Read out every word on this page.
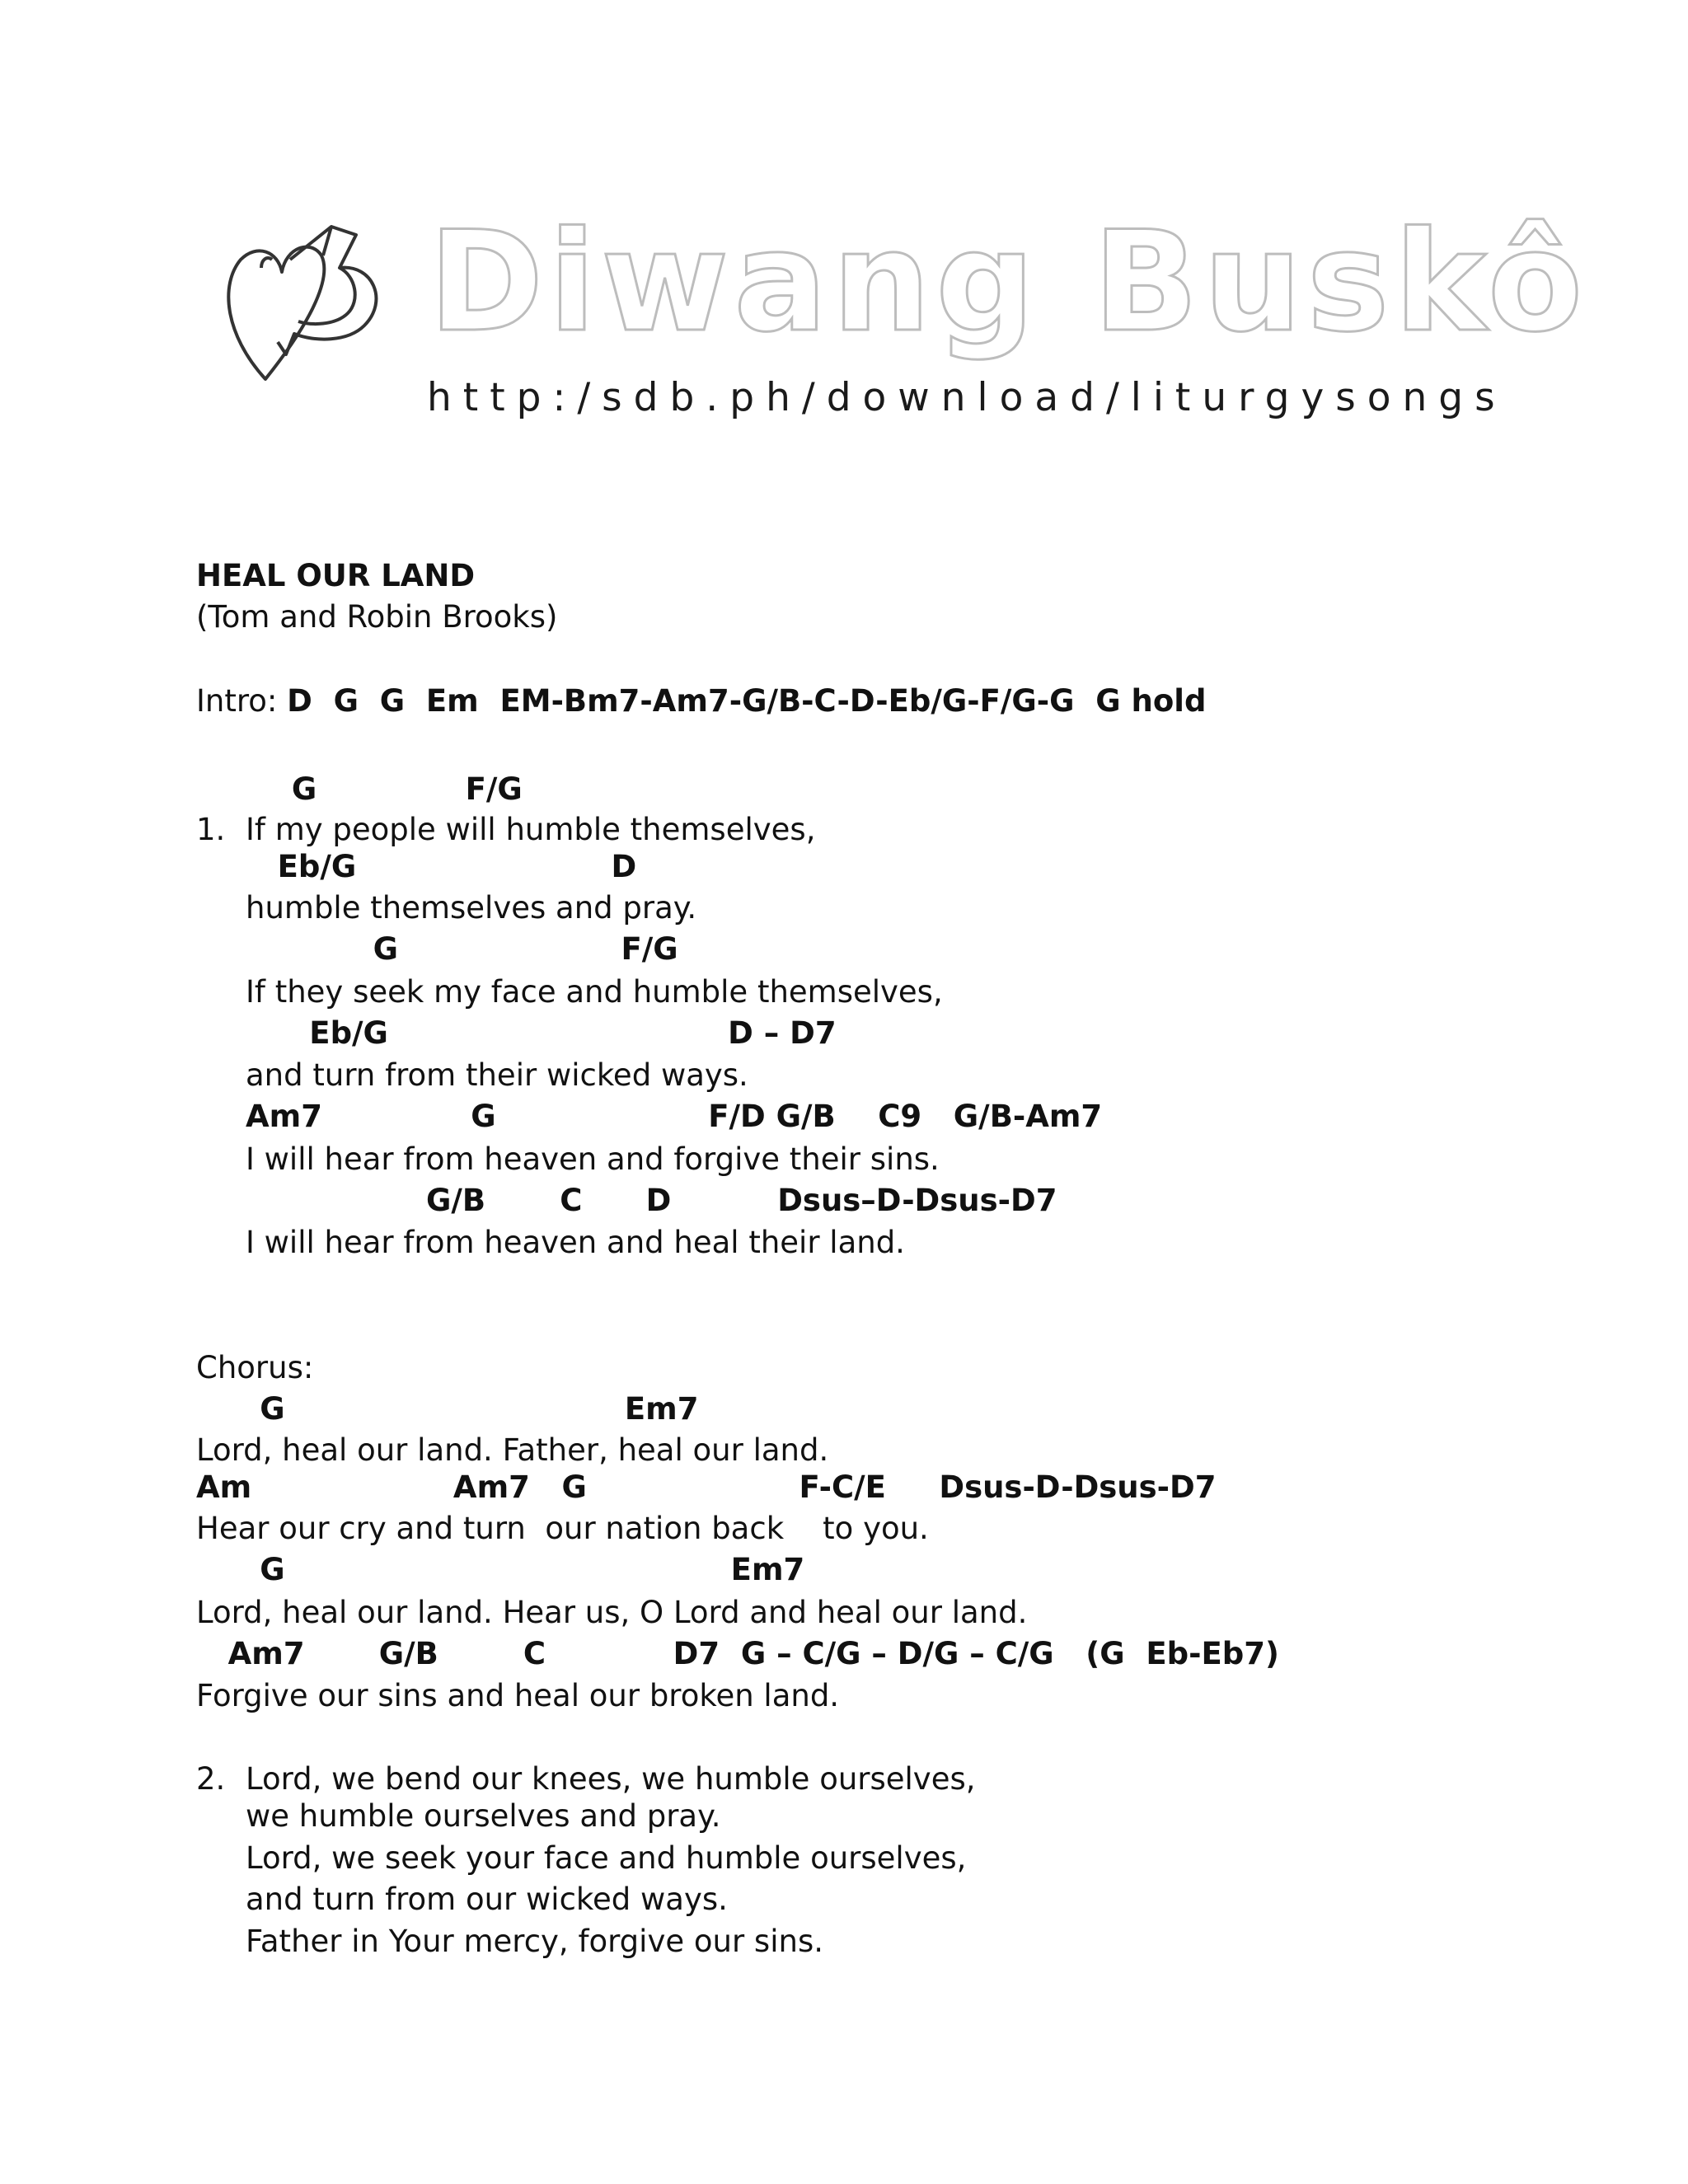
Diwang Buskô
http:/sdb.ph/download/liturgysongs
HEAL OUR LAND
(Tom and Robin Brooks)
Intro: D  G  G  Em  EM-Bm7-Am7-G/B-C-D-Eb/G-F/G-G  G hold
1.
G              F/G
If my people will humble themselves,
Eb/G                        D
humble themselves and pray.
G                     F/G
If they seek my face and humble themselves,
Eb/G                                D – D7
and turn from their wicked ways.
Am7              G                    F/D G/B    C9   G/B-Am7
I will hear from heaven and forgive their sins.
G/B       C      D          Dsus–D-Dsus-D7
I will hear from heaven and heal their land.
Chorus:
G                                Em7
Lord, heal our land. Father, heal our land.
Am                   Am7   G                    F-C/E     Dsus-D-Dsus-D7
Hear our cry and turn  our nation back    to you.
G                                          Em7
Lord, heal our land. Hear us, O Lord and heal our land.
Am7       G/B        C            D7  G – C/G – D/G – C/G   (G  Eb-Eb7)
Forgive our sins and heal our broken land.
2. Lord, we bend our knees, we humble ourselves,
we humble ourselves and pray.
Lord, we seek your face and humble ourselves,
and turn from our wicked ways.
Father in Your mercy, forgive our sins.
